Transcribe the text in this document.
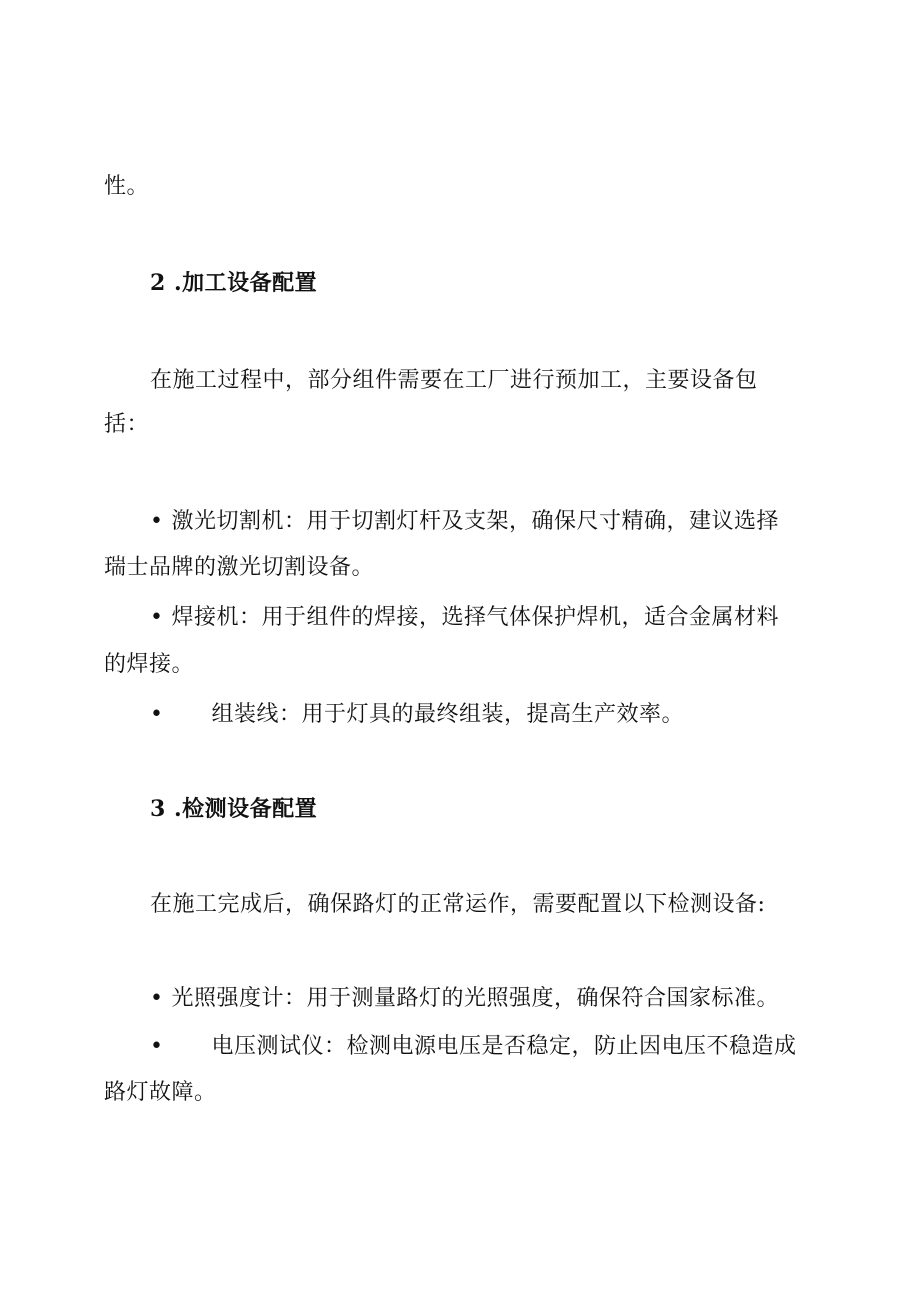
性。
2 .加工设备配置
在施工过程中，部分组件需要在工厂进行预加工，主要设备包
括：
• 激光切割机：用于切割灯杆及支架，确保尺寸精确，建议选择
瑞士品牌的激光切割设备。
• 焊接机：用于组件的焊接，选择气体保护焊机，适合金属材料
的焊接。
• 组装线：用于灯具的最终组装，提高生产效率。
3 .检测设备配置
在施工完成后，确保路灯的正常运作，需要配置以下检测设备:
• 光照强度计：用于测量路灯的光照强度，确保符合国家标准。
• 电压测试仪：检测电源电压是否稳定，防止因电压不稳造成
路灯故障。
